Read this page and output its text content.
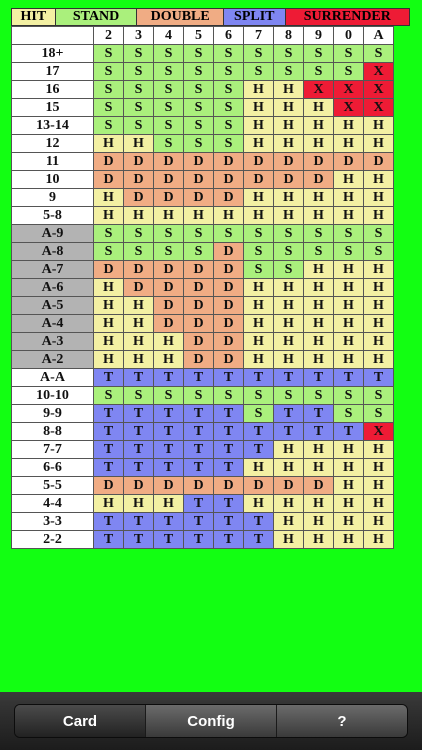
HIT	STAND	DOUBLE	SPLIT	SURRENDER
	2	3	4	5	6	7	8	9	0	A
18+	S	S	S	S	S	S	S	S	S	S
17	S	S	S	S	S	S	S	S	S	X
16	S	S	S	S	S	H	H	X	X	X
15	S	S	S	S	S	H	H	H	X	X
13-14	S	S	S	S	S	H	H	H	H	H
12	H	H	S	S	S	H	H	H	H	H
11	D	D	D	D	D	D	D	D	D	D
10	D	D	D	D	D	D	D	D	H	H
9	H	D	D	D	D	H	H	H	H	H
5-8	H	H	H	H	H	H	H	H	H	H
A-9	S	S	S	S	S	S	S	S	S	S
A-8	S	S	S	S	D	S	S	S	S	S
A-7	D	D	D	D	D	S	S	H	H	H
A-6	H	D	D	D	D	H	H	H	H	H
A-5	H	H	D	D	D	H	H	H	H	H
A-4	H	H	D	D	D	H	H	H	H	H
A-3	H	H	H	D	D	H	H	H	H	H
A-2	H	H	H	D	D	H	H	H	H	H
A-A	T	T	T	T	T	T	T	T	T	T
10-10	S	S	S	S	S	S	S	S	S	S
9-9	T	T	T	T	T	S	T	T	S	S
8-8	T	T	T	T	T	T	T	T	T	X
7-7	T	T	T	T	T	T	H	H	H	H
6-6	T	T	T	T	T	H	H	H	H	H
5-5	D	D	D	D	D	D	D	D	H	H
4-4	H	H	H	T	T	H	H	H	H	H
3-3	T	T	T	T	T	T	H	H	H	H
2-2	T	T	T	T	T	T	H	H	H	H
Card	Config	?
